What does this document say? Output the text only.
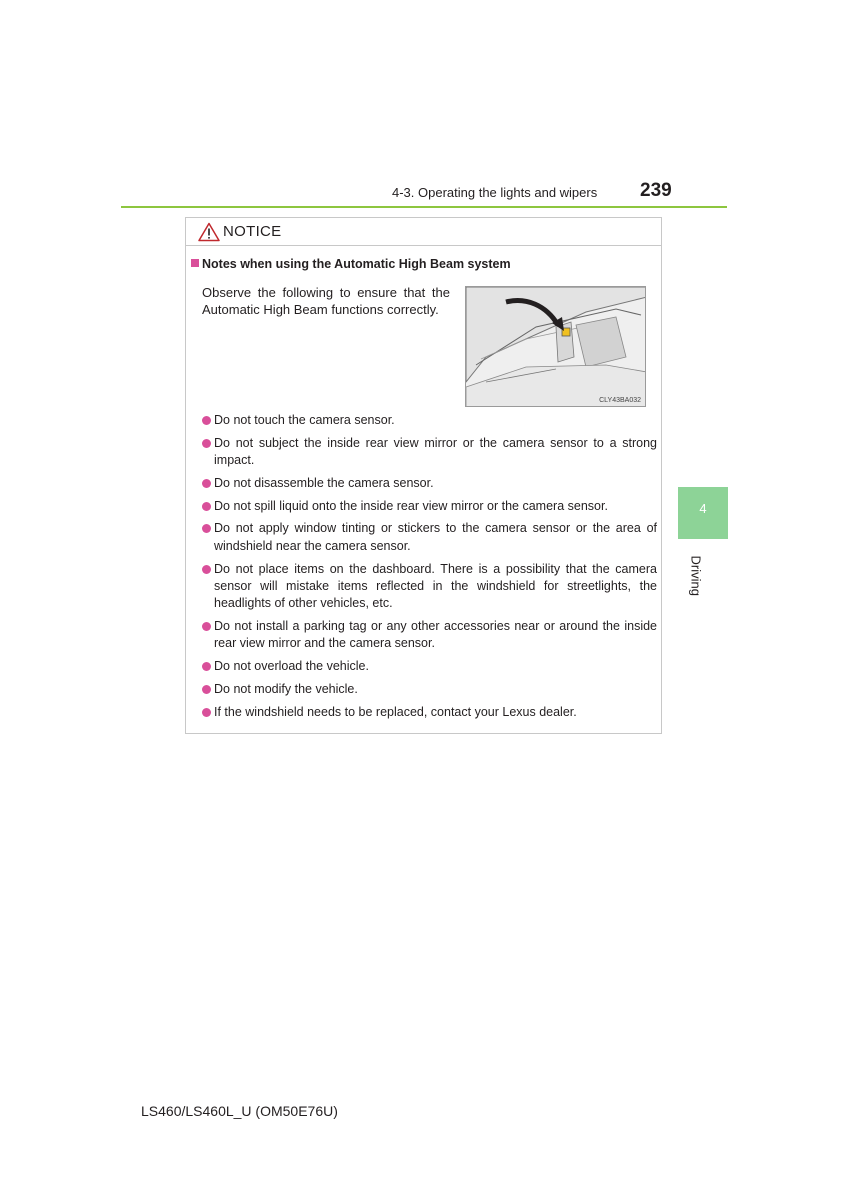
4-3. Operating the lights and wipers 239
4
Driving
NOTICE
Notes when using the Automatic High Beam system
Observe the following to ensure that the
Automatic High Beam functions correctly.
CLY43BA032
Do not touch the camera sensor.
Do not subject the inside rear view mirror or the camera sensor to a strong impact.
Do not disassemble the camera sensor.
Do not spill liquid onto the inside rear view mirror or the camera sensor.
Do not apply window tinting or stickers to the camera sensor or the area of windshield near the camera sensor.
Do not place items on the dashboard. There is a possibility that the camera sensor will mistake items reflected in the windshield for streetlights, the headlights of other vehicles, etc.
Do not install a parking tag or any other accessories near or around the inside rear view mirror and the camera sensor.
Do not overload the vehicle.
Do not modify the vehicle.
If the windshield needs to be replaced, contact your Lexus dealer.
LS460/LS460L_U (OM50E76U)
